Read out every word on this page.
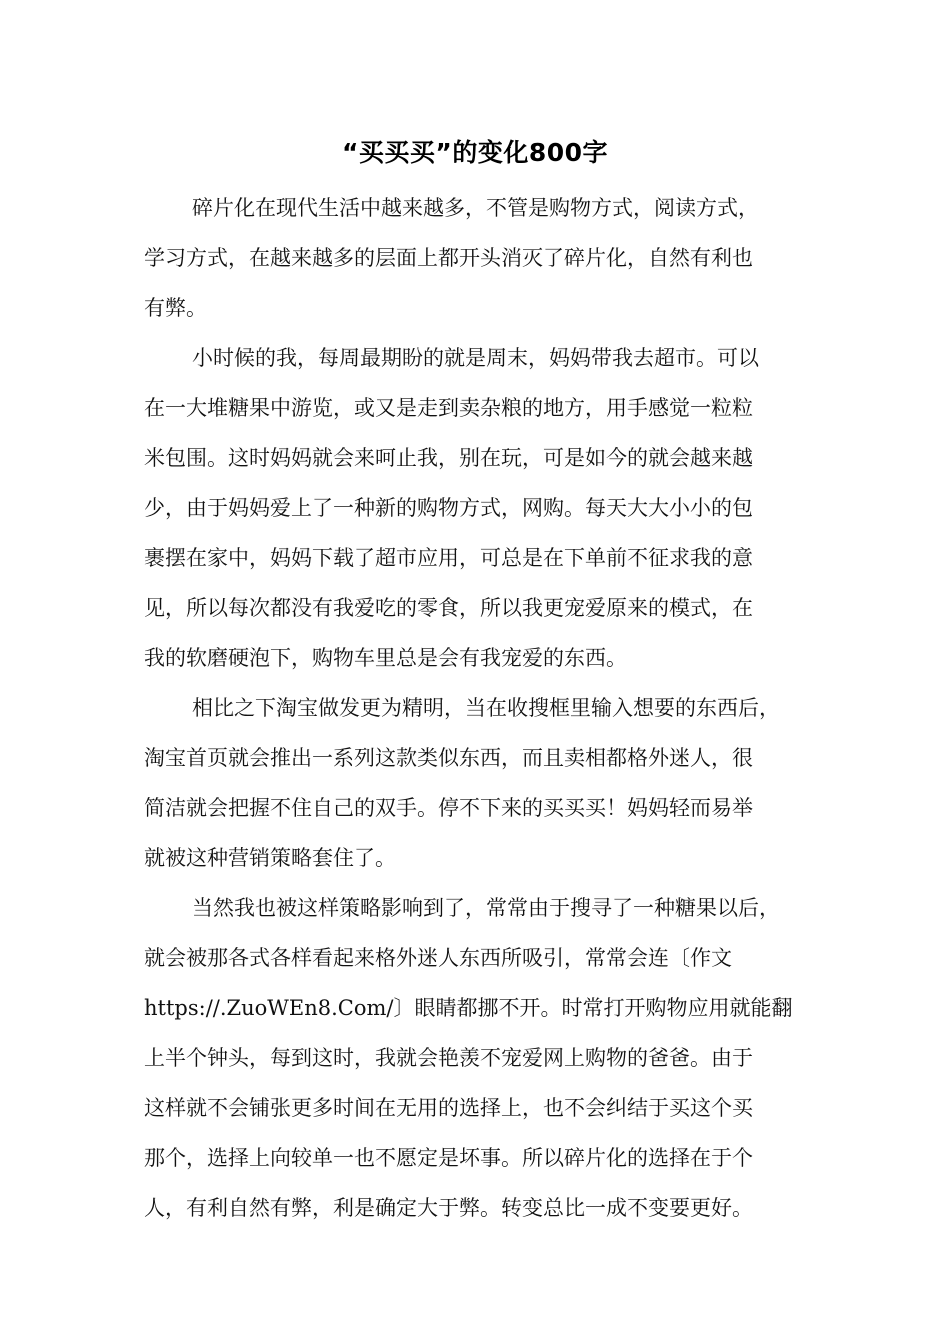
“买买买”的变化800字
碎片化在现代生活中越来越多，不管是购物方式，阅读方式，
学习方式，在越来越多的层面上都开头消灭了碎片化，自然有利也
有弊。
小时候的我，每周最期盼的就是周末，妈妈带我去超市。可以
在一大堆糖果中游览，或又是走到卖杂粮的地方，用手感觉一粒粒
米包围。这时妈妈就会来呵止我，别在玩，可是如今的就会越来越
少，由于妈妈爱上了一种新的购物方式，网购。每天大大小小的包
裹摆在家中，妈妈下载了超市应用，可总是在下单前不征求我的意
见，所以每次都没有我爱吃的零食，所以我更宠爱原来的模式，在
我的软磨硬泡下，购物车里总是会有我宠爱的东西。
相比之下淘宝做发更为精明，当在收搜框里输入想要的东西后，
淘宝首页就会推出一系列这款类似东西，而且卖相都格外迷人，很
简洁就会把握不住自己的双手。停不下来的买买买！妈妈轻而易举
就被这种营销策略套住了。
当然我也被这样策略影响到了，常常由于搜寻了一种糖果以后，
就会被那各式各样看起来格外迷人东西所吸引，常常会连〔作文
https://.ZuoWEn8.Com/〕眼睛都挪不开。时常打开购物应用就能翻
上半个钟头，每到这时，我就会艳羡不宠爱网上购物的爸爸。由于
这样就不会铺张更多时间在无用的选择上，也不会纠结于买这个买
那个，选择上向较单一也不愿定是坏事。所以碎片化的选择在于个
人，有利自然有弊，利是确定大于弊。转变总比一成不变要更好。
